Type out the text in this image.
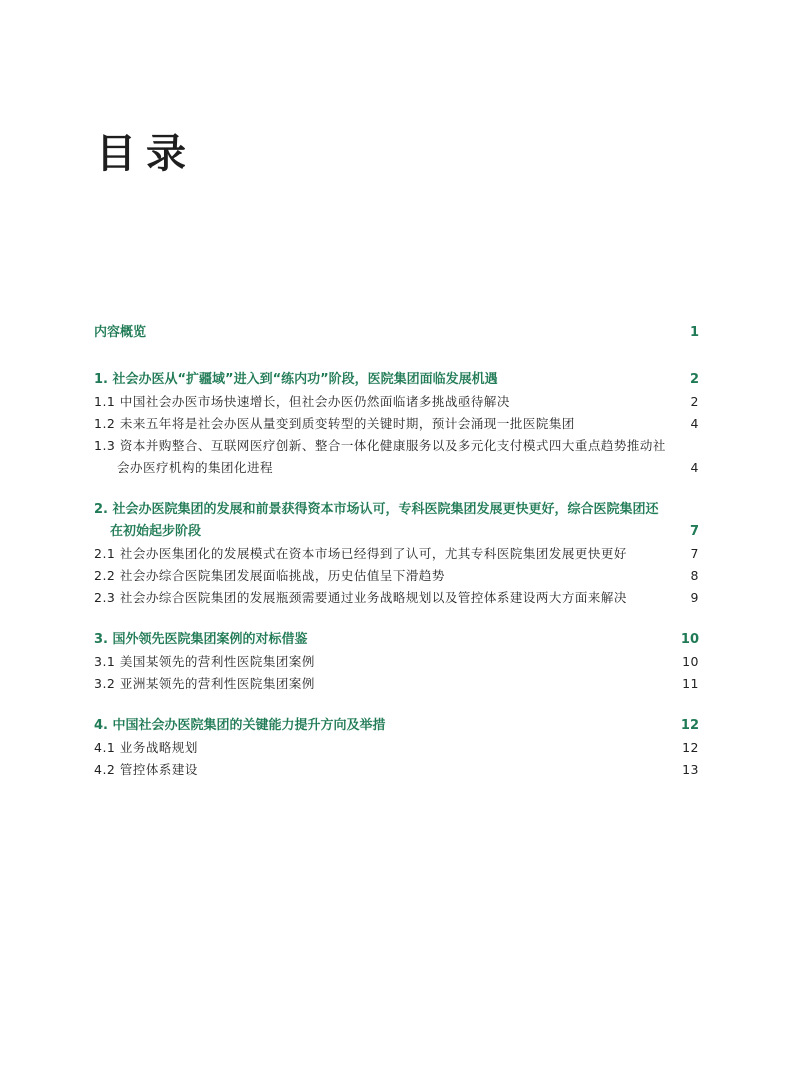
目录
内容概览	1
1. 社会办医从“扩疆域”进入到“练内功”阶段，医院集团面临发展机遇	2
1.1 中国社会办医市场快速增长，但社会办医仍然面临诸多挑战亟待解决	2
1.2 未来五年将是社会办医从量变到质变转型的关键时期，预计会涌现一批医院集团	4
1.3 资本并购整合、互联网医疗创新、整合一体化健康服务以及多元化支付模式四大重点趋势推动社会办医疗机构的集团化进程	4
2. 社会办医院集团的发展和前景获得资本市场认可，专科医院集团发展更快更好，综合医院集团还在初始起步阶段	7
2.1 社会办医集团化的发展模式在资本市场已经得到了认可，尤其专科医院集团发展更快更好	7
2.2 社会办综合医院集团发展面临挑战，历史估值呈下滑趋势	8
2.3 社会办综合医院集团的发展瓶颈需要通过业务战略规划以及管控体系建设两大方面来解决	9
3. 国外领先医院集团案例的对标借鉴	10
3.1 美国某领先的营利性医院集团案例	10
3.2 亚洲某领先的营利性医院集团案例	11
4. 中国社会办医院集团的关键能力提升方向及举措	12
4.1 业务战略规划	12
4.2 管控体系建设	13
